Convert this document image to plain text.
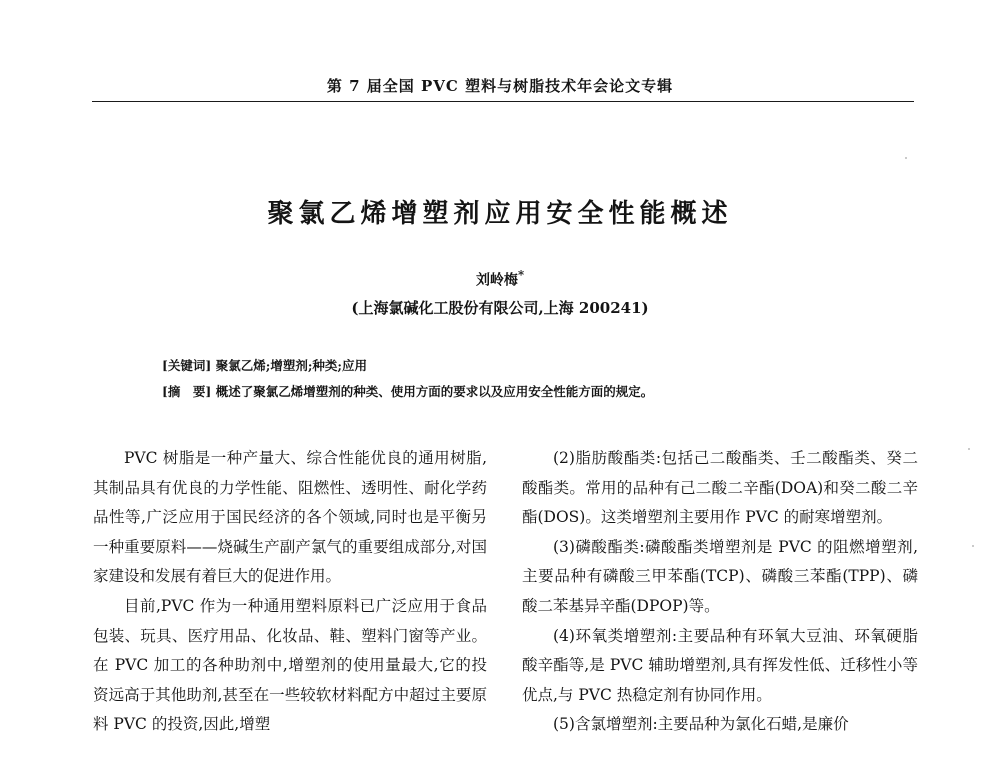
第 7 届全国 PVC 塑料与树脂技术年会论文专辑
聚氯乙烯增塑剂应用安全性能概述
刘岭梅*
(上海氯碱化工股份有限公司,上海 200241)
[关键词] 聚氯乙烯;增塑剂;种类;应用
[摘　要] 概述了聚氯乙烯增塑剂的种类、使用方面的要求以及应用安全性能方面的规定。

PVC 树脂是一种产量大、综合性能优良的通用树脂,其制品具有优良的力学性能、阻燃性、透明性、耐化学药品性等,广泛应用于国民经济的各个领域,同时也是平衡另一种重要原料——烧碱生产副产氯气的重要组成部分,对国家建设和发展有着巨大的促进作用。

目前,PVC 作为一种通用塑料原料已广泛应用于食品包装、玩具、医疗用品、化妆品、鞋、塑料门窗等产业。在 PVC 加工的各种助剂中,增塑剂的使用量最大,它的投资远高于其他助剂,甚至在一些较软材料配方中超过主要原料 PVC 的投资,因此,增塑

(2)脂肪酸酯类:包括己二酸酯类、壬二酸酯类、癸二酸酯类。常用的品种有己二酸二辛酯(DOA)和癸二酸二辛酯(DOS)。这类增塑剂主要用作 PVC 的耐寒增塑剂。

(3)磷酸酯类:磷酸酯类增塑剂是 PVC 的阻燃增塑剂,主要品种有磷酸三甲苯酯(TCP)、磷酸三苯酯(TPP)、磷酸二苯基异辛酯(DPOP)等。

(4)环氧类增塑剂:主要品种有环氧大豆油、环氧硬脂酸辛酯等,是 PVC 辅助增塑剂,具有挥发性低、迁移性小等优点,与 PVC 热稳定剂有协同作用。

(5)含氯增塑剂:主要品种为氯化石蜡,是廉价
